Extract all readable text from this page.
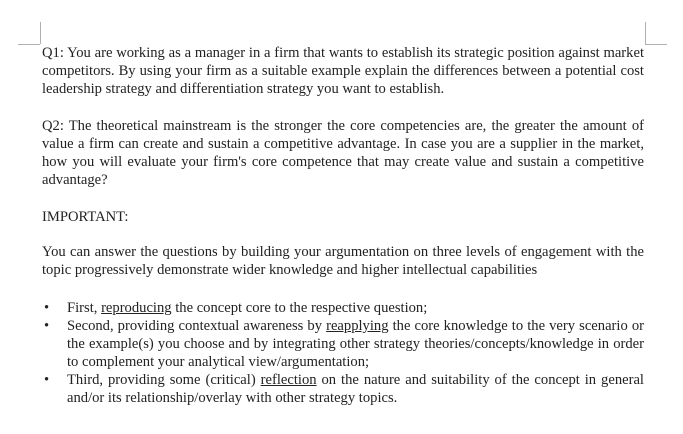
Q1: You are working as a manager in a firm that wants to establish its strategic position against market competitors. By using your firm as a suitable example explain the differences between a potential cost leadership strategy and differentiation strategy you want to establish.

Q2: The theoretical mainstream is the stronger the core competencies are, the greater the amount of value a firm can create and sustain a competitive advantage. In case you are a supplier in the market, how you will evaluate your firm's core competence that may create value and sustain a competitive advantage?

IMPORTANT:

You can answer the questions by building your argumentation on three levels of engagement with the topic progressively demonstrate wider knowledge and higher intellectual capabilities

• First, reproducing the concept core to the respective question;
• Second, providing contextual awareness by reapplying the core knowledge to the very scenario or the example(s) you choose and by integrating other strategy theories/concepts/knowledge in order to complement your analytical view/argumentation;
• Third, providing some (critical) reflection on the nature and suitability of the concept in general and/or its relationship/overlay with other strategy topics.
